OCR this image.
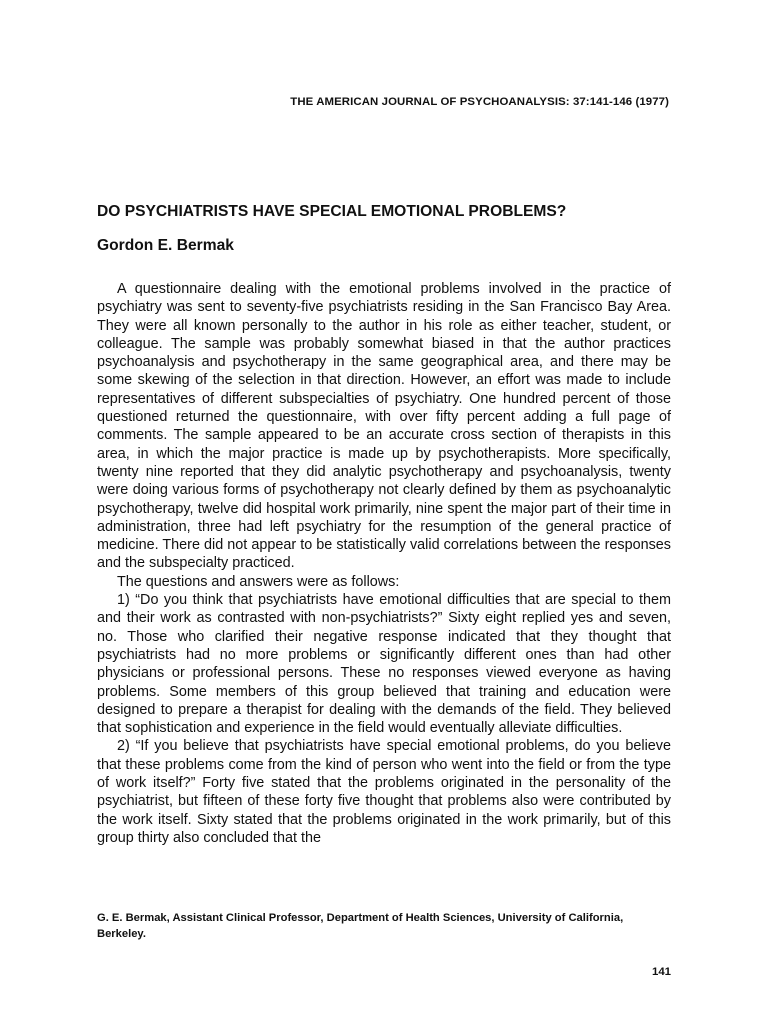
THE AMERICAN JOURNAL OF PSYCHOANALYSIS: 37:141-146 (1977)
DO PSYCHIATRISTS HAVE SPECIAL EMOTIONAL PROBLEMS?
Gordon E. Bermak

A questionnaire dealing with the emotional problems involved in the practice of psychiatry was sent to seventy-five psychiatrists residing in the San Francisco Bay Area. They were all known personally to the author in his role as either teacher, student, or colleague. The sample was probably somewhat biased in that the author practices psychoanalysis and psychotherapy in the same geographical area, and there may be some skewing of the selection in that direction. However, an effort was made to include representatives of different subspecialties of psychiatry. One hundred percent of those questioned returned the questionnaire, with over fifty percent adding a full page of comments. The sample appeared to be an accurate cross section of therapists in this area, in which the major practice is made up by psychotherapists. More specifically, twenty nine reported that they did analytic psychotherapy and psychoanalysis, twenty were doing various forms of psychotherapy not clearly defined by them as psychoanalytic psychotherapy, twelve did hospital work primarily, nine spent the major part of their time in administration, three had left psychiatry for the resumption of the general practice of medicine. There did not appear to be statistically valid correlations between the responses and the subspecialty practiced.

The questions and answers were as follows:

1) “Do you think that psychiatrists have emotional difficulties that are special to them and their work as contrasted with non-psychiatrists?” Sixty eight replied yes and seven, no. Those who clarified their negative response indicated that they thought that psychiatrists had no more problems or significantly different ones than had other physicians or professional persons. These no responses viewed everyone as having problems. Some members of this group believed that training and education were designed to prepare a therapist for dealing with the demands of the field. They believed that sophistication and experience in the field would eventually alleviate difficulties.

2) “If you believe that psychiatrists have special emotional problems, do you believe that these problems come from the kind of person who went into the field or from the type of work itself?” Forty five stated that the problems originated in the personality of the psychiatrist, but fifteen of these forty five thought that problems also were contributed by the work itself. Sixty stated that the problems originated in the work primarily, but of this group thirty also concluded that the

G. E. Bermak, Assistant Clinical Professor, Department of Health Sciences, University of California, Berkeley.
141
